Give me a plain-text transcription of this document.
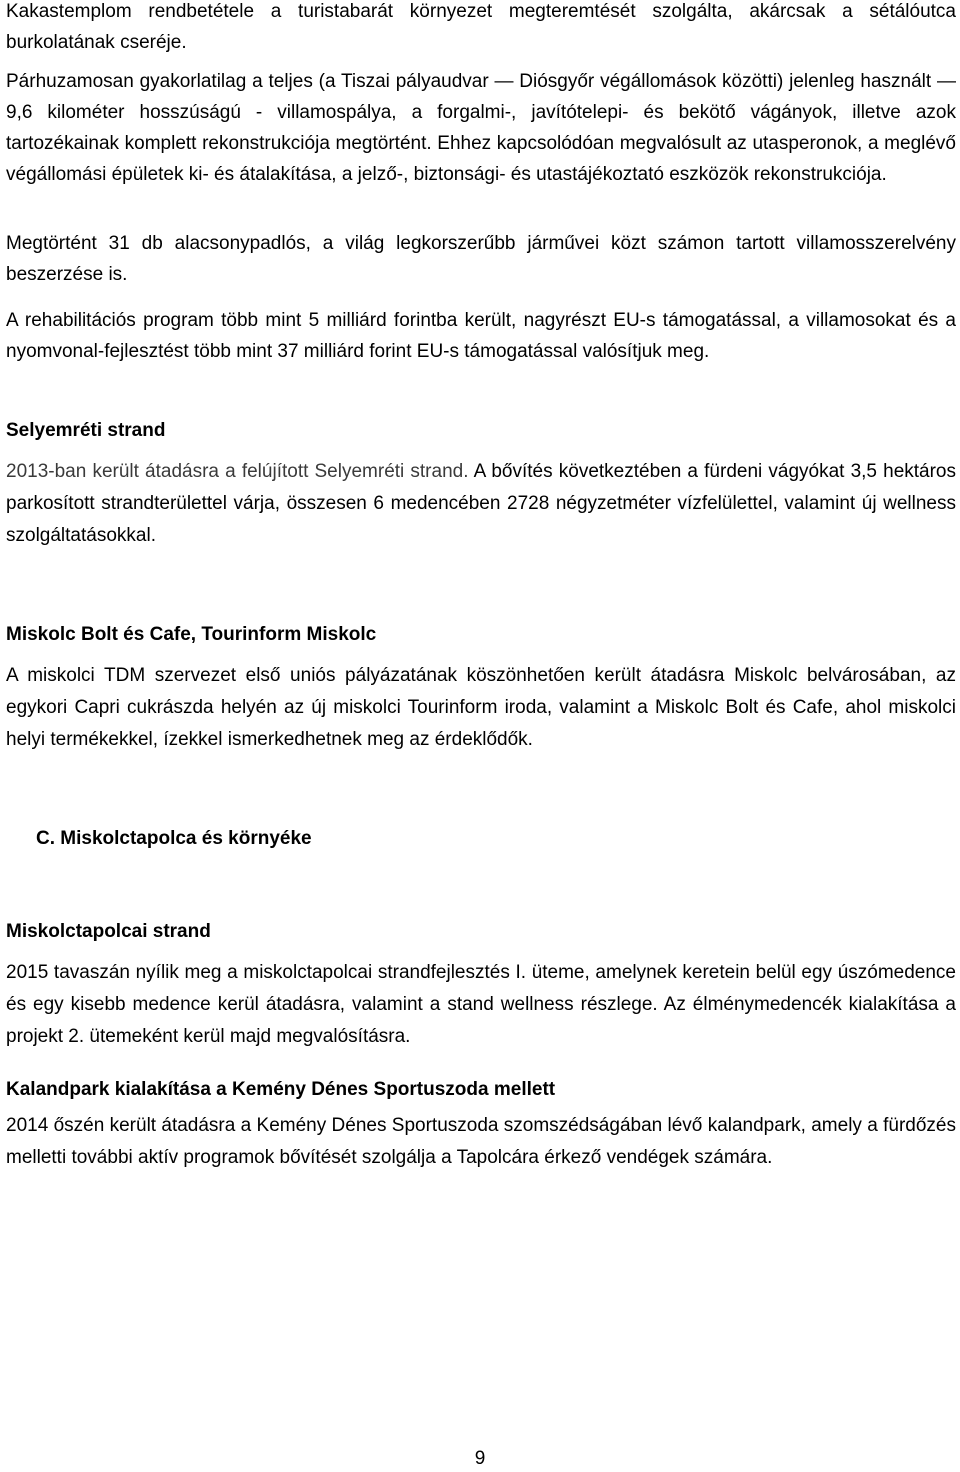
Kakastemplom rendbetétele a turistabarát környezet megteremtését szolgálta, akárcsak a sétálóutca burkolatának cseréje.

Párhuzamosan gyakorlatilag a teljes (a Tiszai pályaudvar ― Diósgyőr végállomások közötti) jelenleg használt ― 9,6 kilométer hosszúságú - villamospálya, a forgalmi-, javítótelepi- és bekötő vágányok, illetve azok tartozékainak komplett rekonstrukciója megtörtént. Ehhez kapcsolódóan megvalósult az utasperonok, a meglévő végállomási épületek ki- és átalakítása, a jelző-, biztonsági- és utastájékoztató eszközök rekonstrukciója.

Megtörtént 31 db alacsonypadlós, a világ legkorszerűbb járművei közt számon tartott villamosszerelvény beszerzése is.

A rehabilitációs program több mint 5 milliárd forintba került, nagyrészt EU-s támogatással, a villamosokat és a nyomvonal-fejlesztést több mint 37 milliárd forint EU-s támogatással valósítjuk meg.

Selyemréti strand

2013-ban került átadásra a felújított Selyemréti strand. A bővítés következtében a fürdeni vágyókat 3,5 hektáros parkosított strandterülettel várja, összesen 6 medencében 2728 négyzetméter vízfelülettel, valamint új wellness szolgáltatásokkal.

Miskolc Bolt és Cafe, Tourinform Miskolc

A miskolci TDM szervezet első uniós pályázatának köszönhetően került átadásra Miskolc belvárosában, az egykori Capri cukrászda helyén az új miskolci Tourinform iroda, valamint a Miskolc Bolt és Cafe, ahol miskolci helyi termékekkel, ízekkel ismerkedhetnek meg az érdeklődők.

C. Miskolctapolca és környéke

Miskolctapolcai strand

2015 tavaszán nyílik meg a miskolctapolcai strandfejlesztés I. üteme, amelynek keretein belül egy úszómedence és egy kisebb medence kerül átadásra, valamint a stand wellness részlege. Az élménymedencék kialakítása a projekt 2. ütemeként kerül majd megvalósításra.

Kalandpark kialakítása a Kemény Dénes Sportuszoda mellett

2014 őszén került átadásra a Kemény Dénes Sportuszoda szomszédságában lévő kalandpark, amely a fürdőzés melletti további aktív programok bővítését szolgálja a Tapolcára érkező vendégek számára.

9
